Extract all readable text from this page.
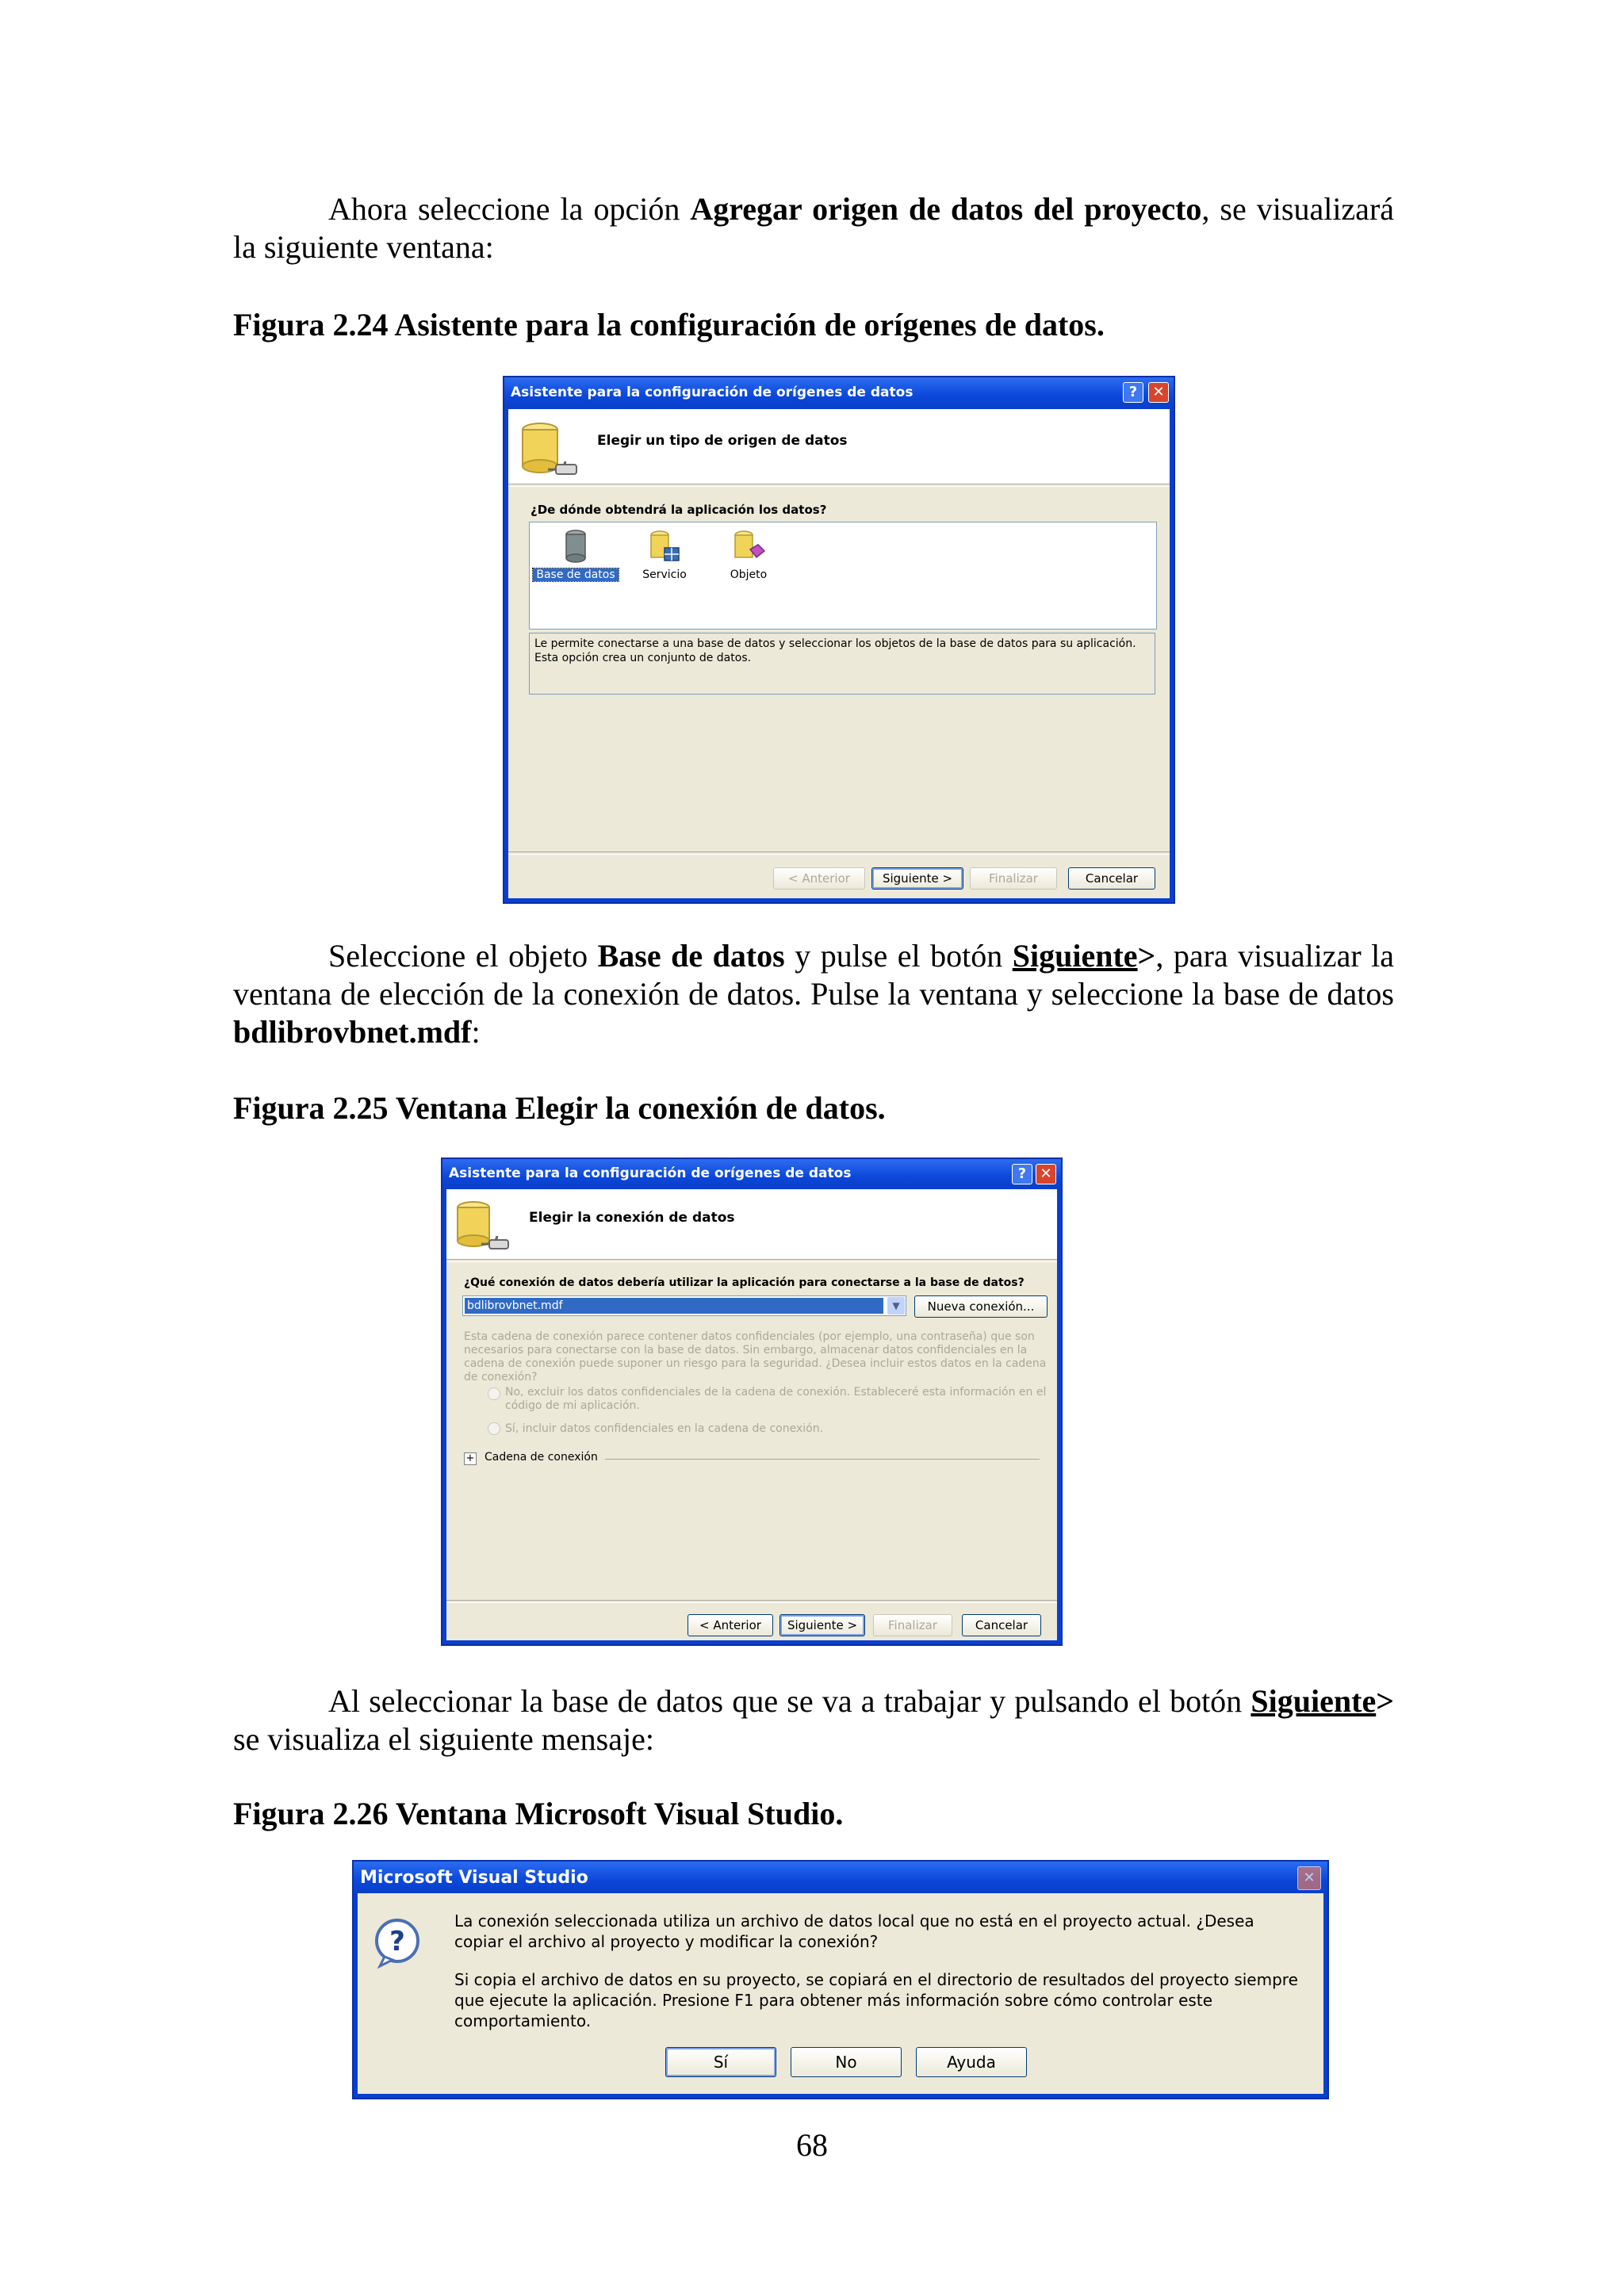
Ahora seleccione la opción Agregar origen de datos del proyecto, se visualizará la siguiente ventana:

Figura 2.24 Asistente para la configuración de orígenes de datos.

Asistente para la configuración de orígenes de datos	?	✕
Elegir un tipo de origen de datos
¿De dónde obtendrá la aplicación los datos?
Base de datos	Servicio	Objeto
Le permite conectarse a una base de datos y seleccionar los objetos de la base de datos para su aplicación. Esta opción crea un conjunto de datos.
< Anterior	Siguiente >	Finalizar	Cancelar

Seleccione el objeto Base de datos y pulse el botón Siguiente>, para visualizar la ventana de elección de la conexión de datos. Pulse la ventana y seleccione la base de datos bdlibrovbnet.mdf:

Figura 2.25 Ventana Elegir la conexión de datos.

Asistente para la configuración de orígenes de datos	? ✕
Elegir la conexión de datos
¿Qué conexión de datos debería utilizar la aplicación para conectarse a la base de datos?
bdlibrovbnet.mdf	▼	Nueva conexión...
Esta cadena de conexión parece contener datos confidenciales (por ejemplo, una contraseña) que son necesarios para conectarse con la base de datos. Sin embargo, almacenar datos confidenciales en la cadena de conexión puede suponer un riesgo para la seguridad. ¿Desea incluir estos datos en la cadena de conexión?
No, excluir los datos confidenciales de la cadena de conexión. Estableceré esta información en el código de mi aplicación.
Sí, incluir datos confidenciales en la cadena de conexión.
+ Cadena de conexión
< Anterior	Siguiente >	Finalizar	Cancelar

Al seleccionar la base de datos que se va a trabajar y pulsando el botón Siguiente> se visualiza el siguiente mensaje:

Figura 2.26 Ventana Microsoft Visual Studio.

Microsoft Visual Studio	✕
?
La conexión seleccionada utiliza un archivo de datos local que no está en el proyecto actual. ¿Desea copiar el archivo al proyecto y modificar la conexión?
Si copia el archivo de datos en su proyecto, se copiará en el directorio de resultados del proyecto siempre que ejecute la aplicación. Presione F1 para obtener más información sobre cómo controlar este comportamiento.
Sí	No	Ayuda
68
